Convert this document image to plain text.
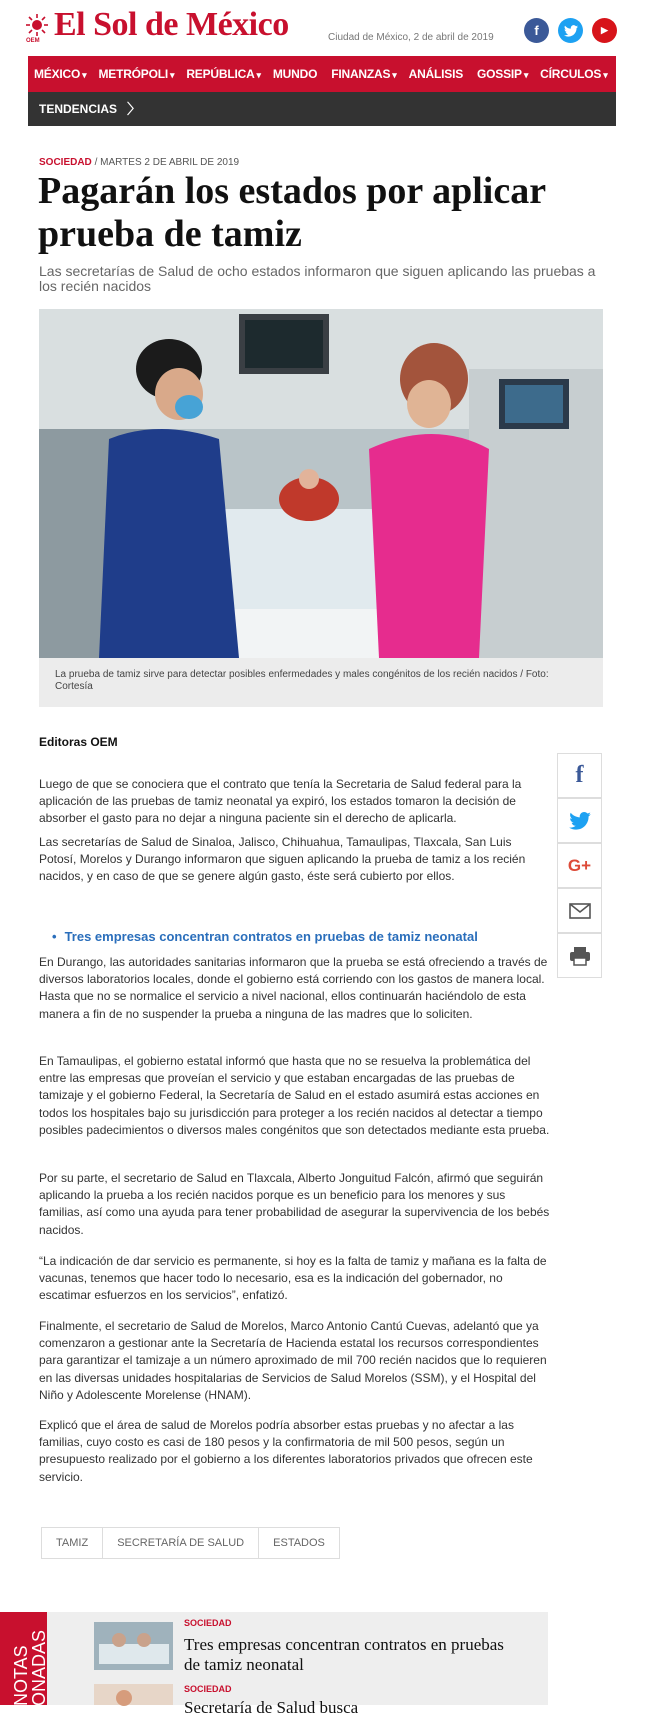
OEM El Sol de México	Ciudad de México, 2 de abril de 2019	f	▶
MÉXICO ▾	METRÓPOLI ▾	REPÚBLICA ▾	MUNDO	FINANZAS ▾	ANÁLISIS	GOSSIP ▾	CÍRCULOS ▾	CUL
TENDENCIAS 〉
SOCIEDAD / MARTES 2 DE ABRIL DE 2019
Pagarán los estados por aplicar prueba de tamiz
Las secretarías de Salud de ocho estados informaron que siguen aplicando las pruebas a los recién nacidos
La prueba de tamiz sirve para detectar posibles enfermedades y males congénitos de los recién nacidos / Foto: Cortesía
Editoras OEM

Luego de que se conociera que el contrato que tenía la Secretaria de Salud federal para la aplicación de las pruebas de tamiz neonatal ya expiró, los estados tomaron la decisión de absorber el gasto para no dejar a ninguna paciente sin el derecho de aplicarla.

Las secretarías de Salud de Sinaloa, Jalisco, Chihuahua, Tamaulipas, Tlaxcala, San Luis Potosí, Morelos y Durango informaron que siguen aplicando la prueba de tamiz a los recién nacidos, y en caso de que se genere algún gasto, éste será cubierto por ellos.

• Tres empresas concentran contratos en pruebas de tamiz neonatal

En Durango, las autoridades sanitarias informaron que la prueba se está ofreciendo a través de diversos laboratorios locales, donde el gobierno está corriendo con los gastos de manera local. Hasta que no se normalice el servicio a nivel nacional, ellos continuarán haciéndolo de esta manera a fin de no suspender la prueba a ninguna de las madres que lo soliciten.

En Tamaulipas, el gobierno estatal informó que hasta que no se resuelva la problemática del entre las empresas que proveían el servicio y que estaban encargadas de las pruebas de tamizaje y el gobierno Federal, la Secretaría de Salud en el estado asumirá estas acciones en todos los hospitales bajo su jurisdicción para proteger a los recién nacidos al detectar a tiempo posibles padecimientos o diversos males congénitos que son detectados mediante esta prueba.

Por su parte, el secretario de Salud en Tlaxcala, Alberto Jonguitud Falcón, afirmó que seguirán aplicando la prueba a los recién nacidos porque es un beneficio para los menores y sus familias, así como una ayuda para tener probabilidad de asegurar la supervivencia de los bebés nacidos.

“La indicación de dar servicio es permanente, si hoy es la falta de tamiz y mañana es la falta de vacunas, tenemos que hacer todo lo necesario, esa es la indicación del gobernador, no escatimar esfuerzos en los servicios”, enfatizó.

Finalmente, el secretario de Salud de Morelos, Marco Antonio Cantú Cuevas, adelantó que ya comenzaron a gestionar ante la Secretaría de Hacienda estatal los recursos correspondientes para garantizar el tamizaje a un número aproximado de mil 700 recién nacidos que lo requieren en las diversas unidades hospitalarias de Servicios de Salud Morelos (SSM), y el Hospital del Niño y Adolescente Morelense (HNAM).

Explicó que el área de salud de Morelos podría absorber estas pruebas y no afectar a las familias, cuyo costo es casi de 180 pesos y la confirmatoria de mil 500 pesos, según un presupuesto realizado por el gobierno a los diferentes laboratorios privados que ofrecen este servicio.

f
G+
TAMIZ	SECRETARÍA DE SALUD	ESTADOS
NOTAS
ONADAS
SOCIEDAD
Tres empresas concentran contratos en pruebas de tamiz neonatal
SOCIEDAD
Secretaría de Salud busca
